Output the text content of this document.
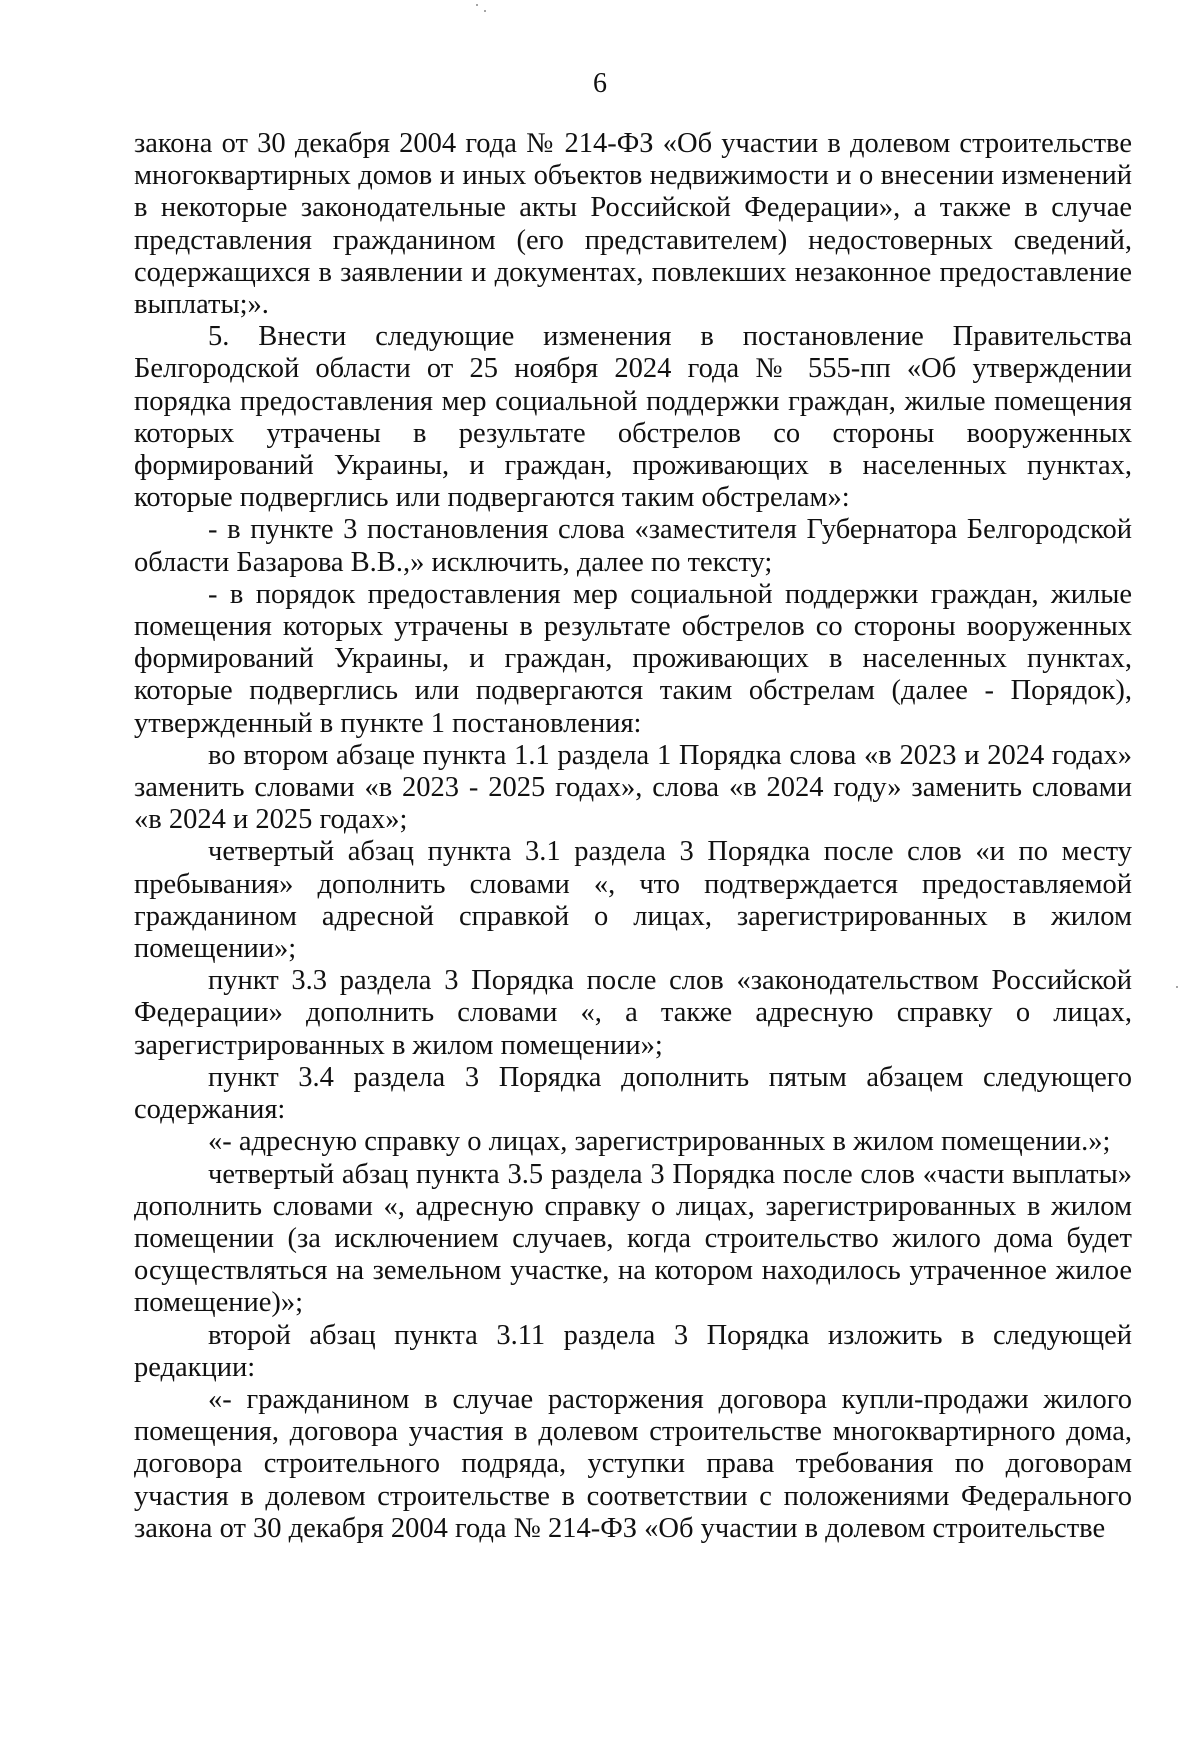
6

закона от 30 декабря 2004 года № 214-ФЗ «Об участии в долевом строительстве многоквартирных домов и иных объектов недвижимости и о внесении изменений в некоторые законодательные акты Российской Федерации», а также в случае представления гражданином (его представителем) недостоверных сведений, содержащихся в заявлении и документах, повлекших незаконное предоставление выплаты;».

5. Внести следующие изменения в постановление Правительства Белгородской области от 25 ноября 2024 года № 555-пп «Об утверждении порядка предоставления мер социальной поддержки граждан, жилые помещения которых утрачены в результате обстрелов со стороны вооруженных формирований Украины, и граждан, проживающих в населенных пунктах, которые подверглись или подвергаются таким обстрелам»:

- в пункте 3 постановления слова «заместителя Губернатора Белгородской области Базарова В.В.,» исключить, далее по тексту;

- в порядок предоставления мер социальной поддержки граждан, жилые помещения которых утрачены в результате обстрелов со стороны вооруженных формирований Украины, и граждан, проживающих в населенных пунктах, которые подверглись или подвергаются таким обстрелам (далее - Порядок), утвержденный в пункте 1 постановления:

во втором абзаце пункта 1.1 раздела 1 Порядка слова «в 2023 и 2024 годах» заменить словами «в 2023 - 2025 годах», слова «в 2024 году» заменить словами «в 2024 и 2025 годах»;

четвертый абзац пункта 3.1 раздела 3 Порядка после слов «и по месту пребывания» дополнить словами «, что подтверждается предоставляемой гражданином адресной справкой о лицах, зарегистрированных в жилом помещении»;

пункт 3.3 раздела 3 Порядка после слов «законодательством Российской Федерации» дополнить словами «, а также адресную справку о лицах, зарегистрированных в жилом помещении»;

пункт 3.4 раздела 3 Порядка дополнить пятым абзацем следующего содержания:

«- адресную справку о лицах, зарегистрированных в жилом помещении.»;

четвертый абзац пункта 3.5 раздела 3 Порядка после слов «части выплаты» дополнить словами «, адресную справку о лицах, зарегистрированных в жилом помещении (за исключением случаев, когда строительство жилого дома будет осуществляться на земельном участке, на котором находилось утраченное жилое помещение)»;

второй абзац пункта 3.11 раздела 3 Порядка изложить в следующей редакции:

«- гражданином в случае расторжения договора купли-продажи жилого помещения, договора участия в долевом строительстве многоквартирного дома, договора строительного подряда, уступки права требования по договорам участия в долевом строительстве в соответствии с положениями Федерального закона от 30 декабря 2004 года № 214-ФЗ «Об участии в долевом строительстве
